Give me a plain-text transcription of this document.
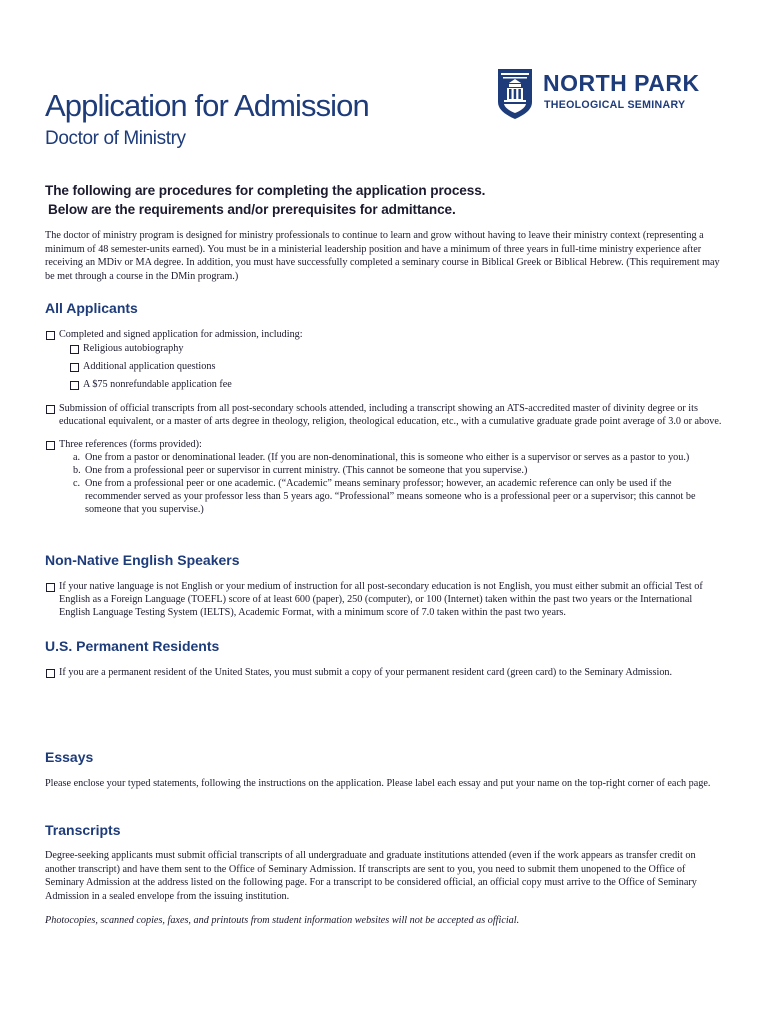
NORTH PARK
THEOLOGICAL SEMINARY
Application for Admission
Doctor of Ministry
The following are procedures for completing the application process.
Below are the requirements and/or prerequisites for admittance.
The doctor of ministry program is designed for ministry professionals to continue to learn and grow without having to leave their ministry context (representing a minimum of 48 semester-units earned). You must be in a ministerial leadership position and have a minimum of three years in full-time ministry experience after receiving an MDiv or MA degree. In addition, you must have successfully completed a seminary course in Biblical Greek or Biblical Hebrew. (This requirement may be met through a course in the DMin program.)
All Applicants
Completed and signed application for admission, including:
Religious autobiography
Additional application questions
A $75 nonrefundable application fee
Submission of official transcripts from all post-secondary schools attended, including a transcript showing an ATS-accredited master of divinity degree or its educational equivalent, or a master of arts degree in theology, religion, theological education, etc., with a cumulative graduate grade point average of 3.0 or above.
Three references (forms provided):
a. One from a pastor or denominational leader. (If you are non-denominational, this is someone who either is a supervisor or serves as a pastor to you.)
b. One from a professional peer or supervisor in current ministry. (This cannot be someone that you supervise.)
c. One from a professional peer or one academic. (“Academic” means seminary professor; however, an academic reference can only be used if the recommender served as your professor less than 5 years ago. “Professional” means someone who is a professional peer or a supervisor; this cannot be someone that you supervise.)
Non-Native English Speakers
If your native language is not English or your medium of instruction for all post-secondary education is not English, you must either submit an official Test of English as a Foreign Language (TOEFL) score of at least 600 (paper), 250 (computer), or 100 (Internet) taken within the past two years or the International English Language Testing System (IELTS), Academic Format, with a minimum score of 7.0 taken within the past two years.
U.S. Permanent Residents
If you are a permanent resident of the United States, you must submit a copy of your permanent resident card (green card) to the Seminary Admission.
Essays
Please enclose your typed statements, following the instructions on the application. Please label each essay and put your name on the top-right corner of each page.
Transcripts
Degree-seeking applicants must submit official transcripts of all undergraduate and graduate institutions attended (even if the work appears as transfer credit on another transcript) and have them sent to the Office of Seminary Admission. If transcripts are sent to you, you need to submit them unopened to the Office of Seminary Admission at the address listed on the following page. For a transcript to be considered official, an official copy must arrive to the Office of Seminary Admission in a sealed envelope from the issuing institution.
Photocopies, scanned copies, faxes, and printouts from student information websites will not be accepted as official.
